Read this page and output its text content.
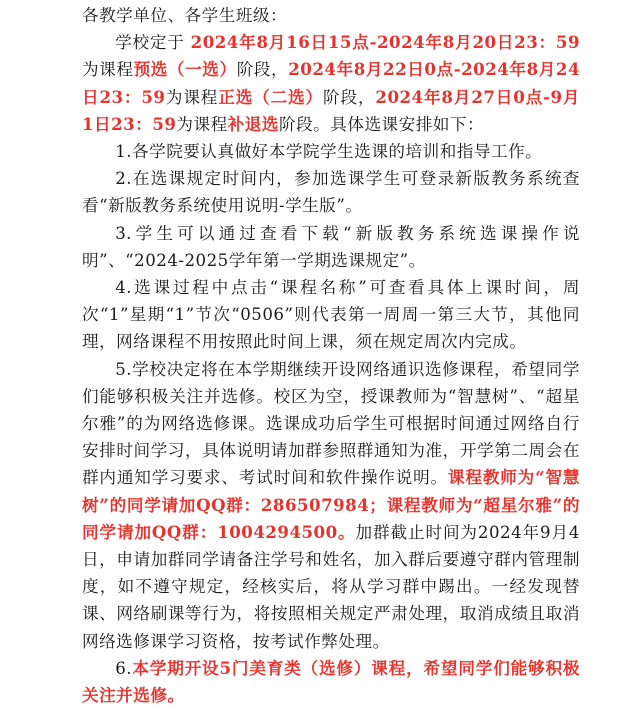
各教学单位、各学生班级：

学校定于 2024年8月16日15点-2024年8月20日23：59为课程预选（一选）阶段，2024年8月22日0点-2024年8月24日23：59为课程正选（二选）阶段，2024年8月27日0点-9月1日23：59为课程补退选阶段。具体选课安排如下：

1.各学院要认真做好本学院学生选课的培训和指导工作。

2.在选课规定时间内，参加选课学生可登录新版教务系统查看“新版教务系统使用说明-学生版”。

3.学生可以通过查看下载“新版教务系统选课操作说明”、“2024-2025学年第一学期选课规定”。

4.选课过程中点击“课程名称”可查看具体上课时间，周次“1”星期“1”节次“0506”则代表第一周周一第三大节，其他同理，网络课程不用按照此时间上课，须在规定周次内完成。

5.学校决定将在本学期继续开设网络通识选修课程，希望同学们能够积极关注并选修。校区为空，授课教师为“智慧树”、“超星尔雅”的为网络选修课。选课成功后学生可根据时间通过网络自行安排时间学习，具体说明请加群参照群通知为准，开学第二周会在群内通知学习要求、考试时间和软件操作说明。课程教师为“智慧树”的同学请加QQ群：286507984；课程教师为“超星尔雅”的同学请加QQ群：1004294500。加群截止时间为2024年9月4日，申请加群同学请备注学号和姓名，加入群后要遵守群内管理制度，如不遵守规定，经核实后，将从学习群中踢出。一经发现替课、网络刷课等行为，将按照相关规定严肃处理，取消成绩且取消网络选修课学习资格，按考试作弊处理。

6.本学期开设5门美育类（选修）课程，希望同学们能够积极关注并选修。
